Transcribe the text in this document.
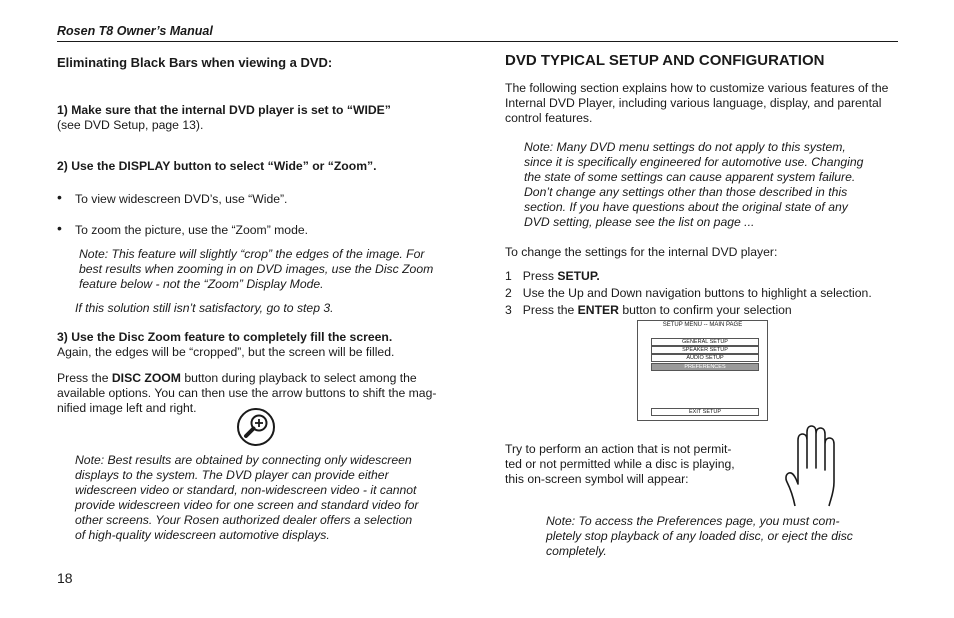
Rosen T8 Owner’s Manual
Eliminating Black Bars when viewing a DVD:

1) Make sure that the internal DVD player is set to “WIDE”

(see DVD Setup, page 13).

2) Use the DISPLAY button to select “Wide” or “Zoom”.
• To view widescreen DVD’s, use “Wide”.
• To zoom the picture, use the “Zoom” mode.

Note: This feature will slightly “crop” the edges of the image. For

best results when zooming in on DVD images, use the Disc Zoom

feature below - not the “Zoom” Display Mode.

If this solution still isn’t satisfactory, go to step 3.

3) Use the Disc Zoom feature to completely fill the screen.

Again, the edges will be “cropped”, but the screen will be filled.

Press the DISC ZOOM button during playback to select among the

available options. You can then use the arrow buttons to shift the mag-

nified image left and right.

Note: Best results are obtained by connecting only widescreen

displays to the system. The DVD player can provide either

widescreen video or standard, non-widescreen video - it cannot

provide widescreen video for one screen and standard video for

other screens. Your Rosen authorized dealer offers a selection

of high-quality widescreen automotive displays.

18
DVD TYPICAL SETUP AND CONFIGURATION

The following section explains how to customize various features of the

Internal DVD Player, including various language, display, and parental

control features.

Note: Many DVD menu settings do not apply to this system,

since it is specifically engineered for automotive use. Changing

the state of some settings can cause apparent system failure.

Don’t change any settings other than those described in this

section. If you have questions about the original state of any

DVD setting, please see the list on page ...

To change the settings for the internal DVD player:

1 Press SETUP.

2 Use the Up and Down navigation buttons to highlight a selection.

3 Press the ENTER button to confirm your selection

SETUP MENU -- MAIN PAGE
GENERAL SETUP
SPEAKER SETUP
AUDIO SETUP
PREFERENCES
EXIT SETUP

Try to perform an action that is not permit-

ted or not permitted while a disc is playing,

this on-screen symbol will appear:

Note: To access the Preferences page, you must com-

pletely stop playback of any loaded disc, or eject the disc

completely.
